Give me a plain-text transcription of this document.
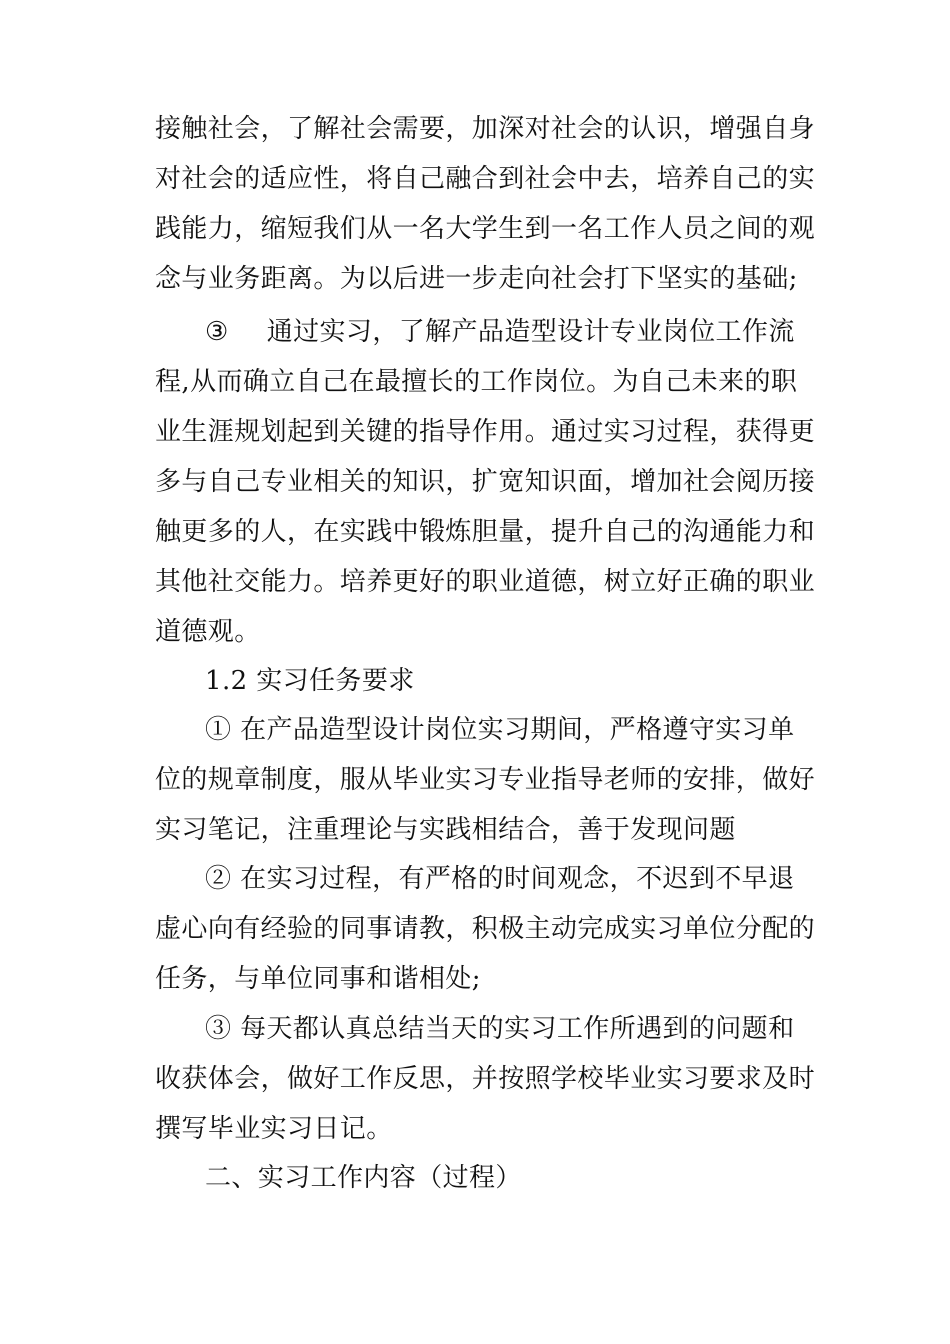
接触社会，了解社会需要，加深对社会的认识，增强自身
对社会的适应性，将自己融合到社会中去，培养自己的实
践能力，缩短我们从一名大学生到一名工作人员之间的观
念与业务距离。为以后进一步走向社会打下坚实的基础;
③ 通过实习，了解产品造型设计专业岗位工作流
程,从而确立自己在最擅长的工作岗位。为自己未来的职
业生涯规划起到关键的指导作用。通过实习过程，获得更
多与自己专业相关的知识，扩宽知识面，增加社会阅历接
触更多的人，在实践中锻炼胆量，提升自己的沟通能力和
其他社交能力。培养更好的职业道德，树立好正确的职业
道德观。
1.2 实习任务要求
① 在产品造型设计岗位实习期间，严格遵守实习单
位的规章制度，服从毕业实习专业指导老师的安排，做好
实习笔记，注重理论与实践相结合，善于发现问题
② 在实习过程，有严格的时间观念，不迟到不早退
虚心向有经验的同事请教，积极主动完成实习单位分配的
任务，与单位同事和谐相处;
③ 每天都认真总结当天的实习工作所遇到的问题和
收获体会，做好工作反思，并按照学校毕业实习要求及时
撰写毕业实习日记。
二、实习工作内容（过程）
